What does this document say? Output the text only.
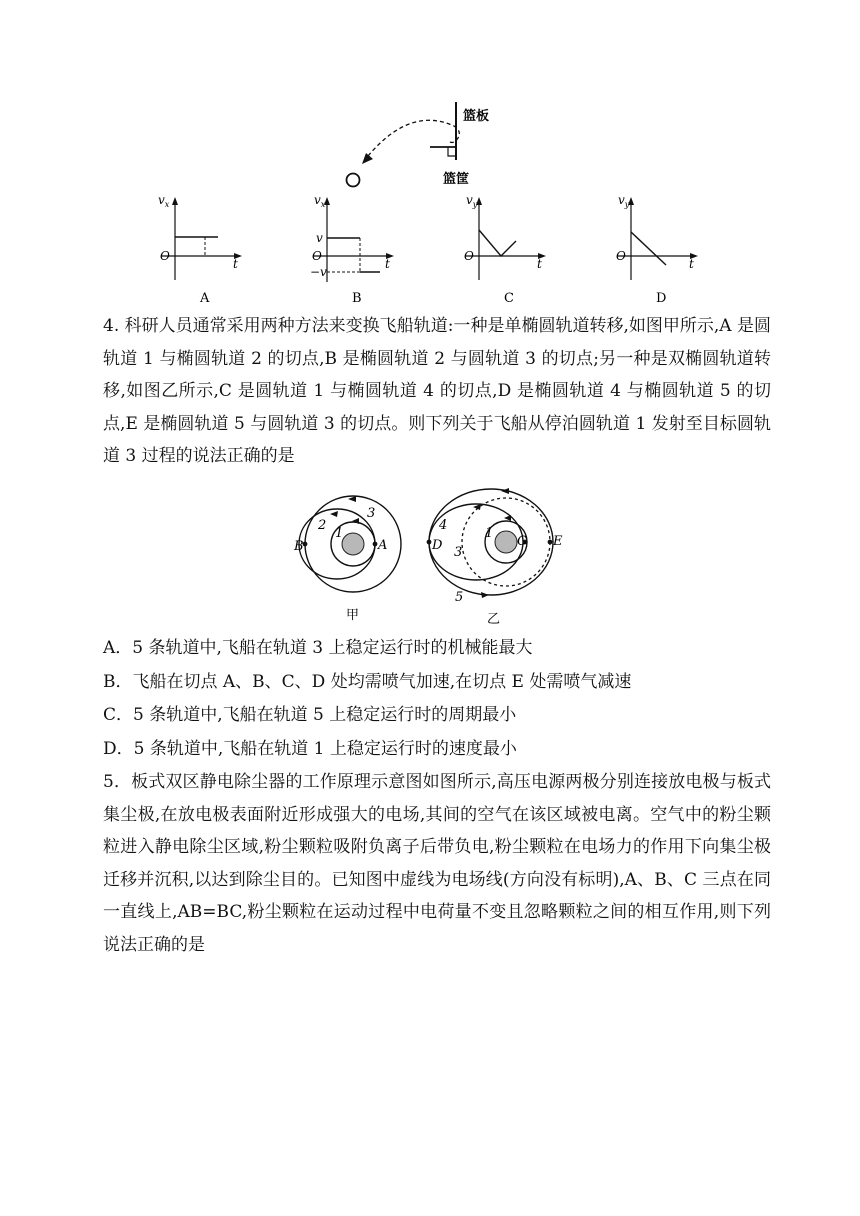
篮板
篮筐
$v_x$
O
t
A
$v_x$
O
t
v
−v
B
$v_y$
O
t
C
$v_y$
O
t
D
4. 科研人员通常采用两种方法来变换飞船轨道:一种是单椭圆轨道转移,如图甲所示,A 是圆轨道 1 与椭圆轨道 2 的切点,B 是椭圆轨道 2 与圆轨道 3 的切点;另一种是双椭圆轨道转移,如图乙所示,C 是圆轨道 1 与椭圆轨道 4 的切点,D 是椭圆轨道 4 与椭圆轨道 5 的切点,E 是椭圆轨道 5 与圆轨道 3 的切点。则下列关于飞船从停泊圆轨道 1 发射至目标圆轨道 3 过程的说法正确的是
3
2
1
A
B
甲
1
3
4
5
C
D	E
乙
A．5 条轨道中,飞船在轨道 3 上稳定运行时的机械能最大
B．飞船在切点 A、B、C、D 处均需喷气加速,在切点 E 处需喷气减速
C．5 条轨道中,飞船在轨道 5 上稳定运行时的周期最小
D．5 条轨道中,飞船在轨道 1 上稳定运行时的速度最小
5．板式双区静电除尘器的工作原理示意图如图所示,高压电源两极分别连接放电极与板式集尘极,在放电极表面附近形成强大的电场,其间的空气在该区域被电离。空气中的粉尘颗粒进入静电除尘区域,粉尘颗粒吸附负离子后带负电,粉尘颗粒在电场力的作用下向集尘极迁移并沉积,以达到除尘目的。已知图中虚线为电场线(方向没有标明),A、B、C 三点在同一直线上,AB=BC,粉尘颗粒在运动过程中电荷量不变且忽略颗粒之间的相互作用,则下列说法正确的是
